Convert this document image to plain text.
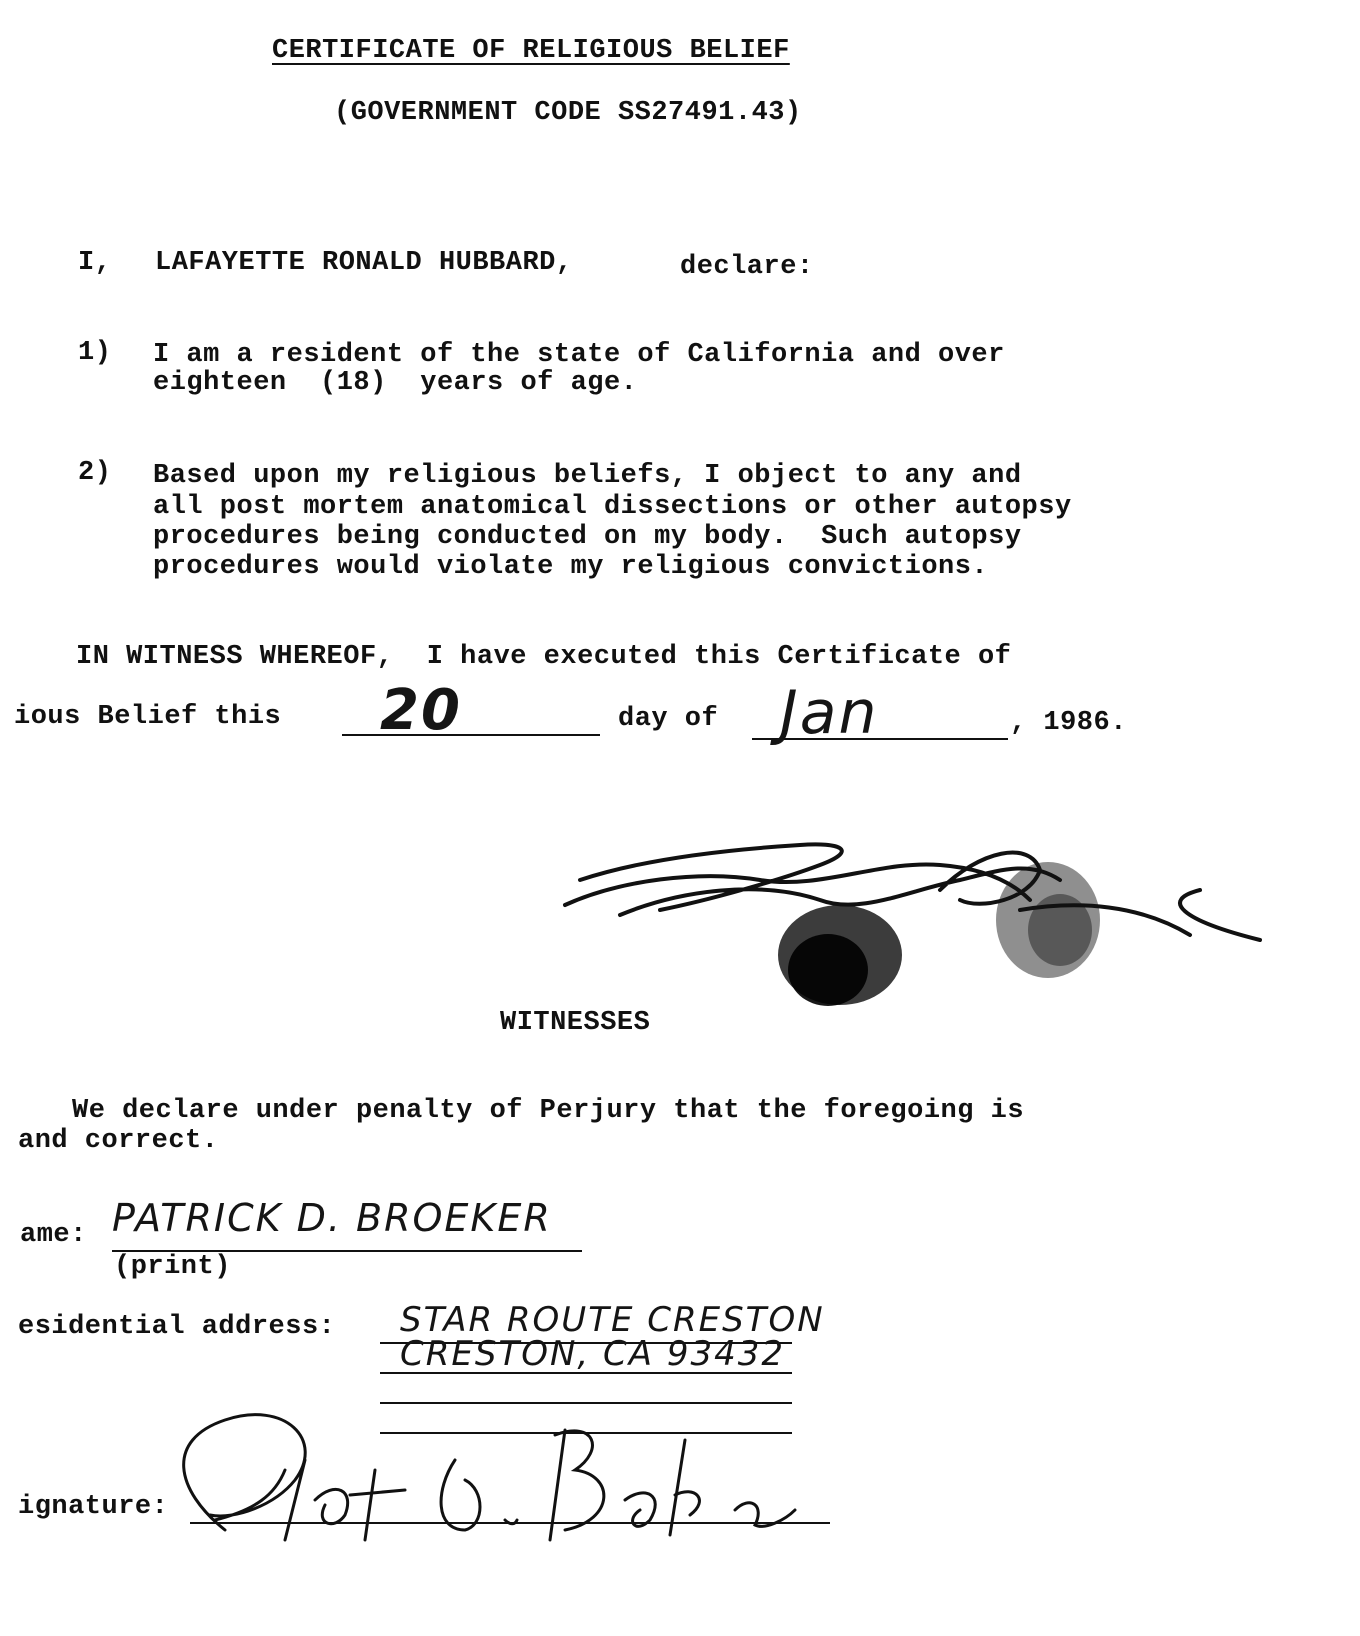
CERTIFICATE OF RELIGIOUS BELIEF
(GOVERNMENT CODE SS27491.43)
I, LAFAYETTE RONALD HUBBARD,	declare:
1) I am a resident of the state of California and over
eighteen  (18)  years of age.
2) Based upon my religious beliefs, I object to any and
all post mortem anatomical dissections or other autopsy
procedures being conducted on my body.  Such autopsy
procedures would violate my religious convictions.
IN WITNESS WHEREOF,  I have executed this Certificate of
ious Belief this 20	day of Jan	, 1986.
WITNESSES
We declare under penalty of Perjury that the foregoing is
and correct.
ame: PATRICK D. BROEKER
(print)
esidential address: STAR ROUTE CRESTON
CRESTON, CA 93432
ignature:
